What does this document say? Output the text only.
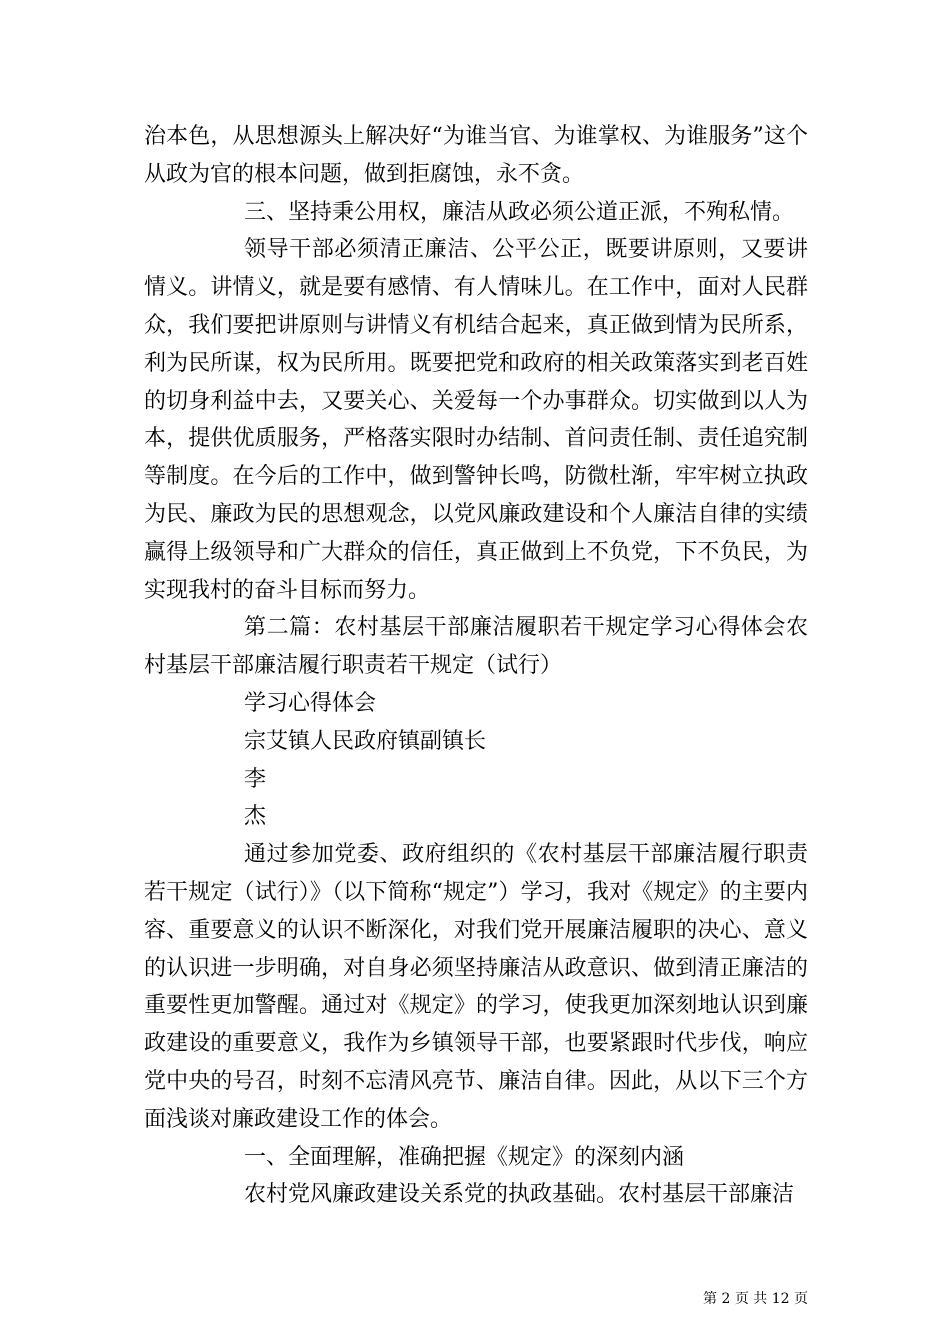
治本色，从思想源头上解决好“为谁当官、为谁掌权、为谁服务”这个从政为官的根本问题，做到拒腐蚀，永不贪。

三、坚持秉公用权，廉洁从政必须公道正派，不殉私情。

领导干部必须清正廉洁、公平公正，既要讲原则，又要讲情义。讲情义，就是要有感情、有人情味儿。在工作中，面对人民群众，我们要把讲原则与讲情义有机结合起来，真正做到情为民所系，利为民所谋，权为民所用。既要把党和政府的相关政策落实到老百姓的切身利益中去，又要关心、关爱每一个办事群众。切实做到以人为本，提供优质服务，严格落实限时办结制、首问责任制、责任追究制等制度。在今后的工作中，做到警钟长鸣，防微杜渐，牢牢树立执政为民、廉政为民的思想观念，以党风廉政建设和个人廉洁自律的实绩赢得上级领导和广大群众的信任，真正做到上不负党，下不负民，为实现我村的奋斗目标而努力。

第二篇：农村基层干部廉洁履职若干规定学习心得体会农村基层干部廉洁履行职责若干规定（试行）

学习心得体会

宗艾镇人民政府镇副镇长

李

杰

通过参加党委、政府组织的《农村基层干部廉洁履行职责若干规定（试行）》（以下简称“规定”）学习，我对《规定》的主要内容、重要意义的认识不断深化，对我们党开展廉洁履职的决心、意义的认识进一步明确，对自身必须坚持廉洁从政意识、做到清正廉洁的重要性更加警醒。通过对《规定》的学习，使我更加深刻地认识到廉政建设的重要意义，我作为乡镇领导干部，也要紧跟时代步伐，响应党中央的号召，时刻不忘清风亮节、廉洁自律。因此，从以下三个方面浅谈对廉政建设工作的体会。

一、全面理解，准确把握《规定》的深刻内涵

农村党风廉政建设关系党的执政基础。农村基层干部廉洁

第 2 页 共 12 页
